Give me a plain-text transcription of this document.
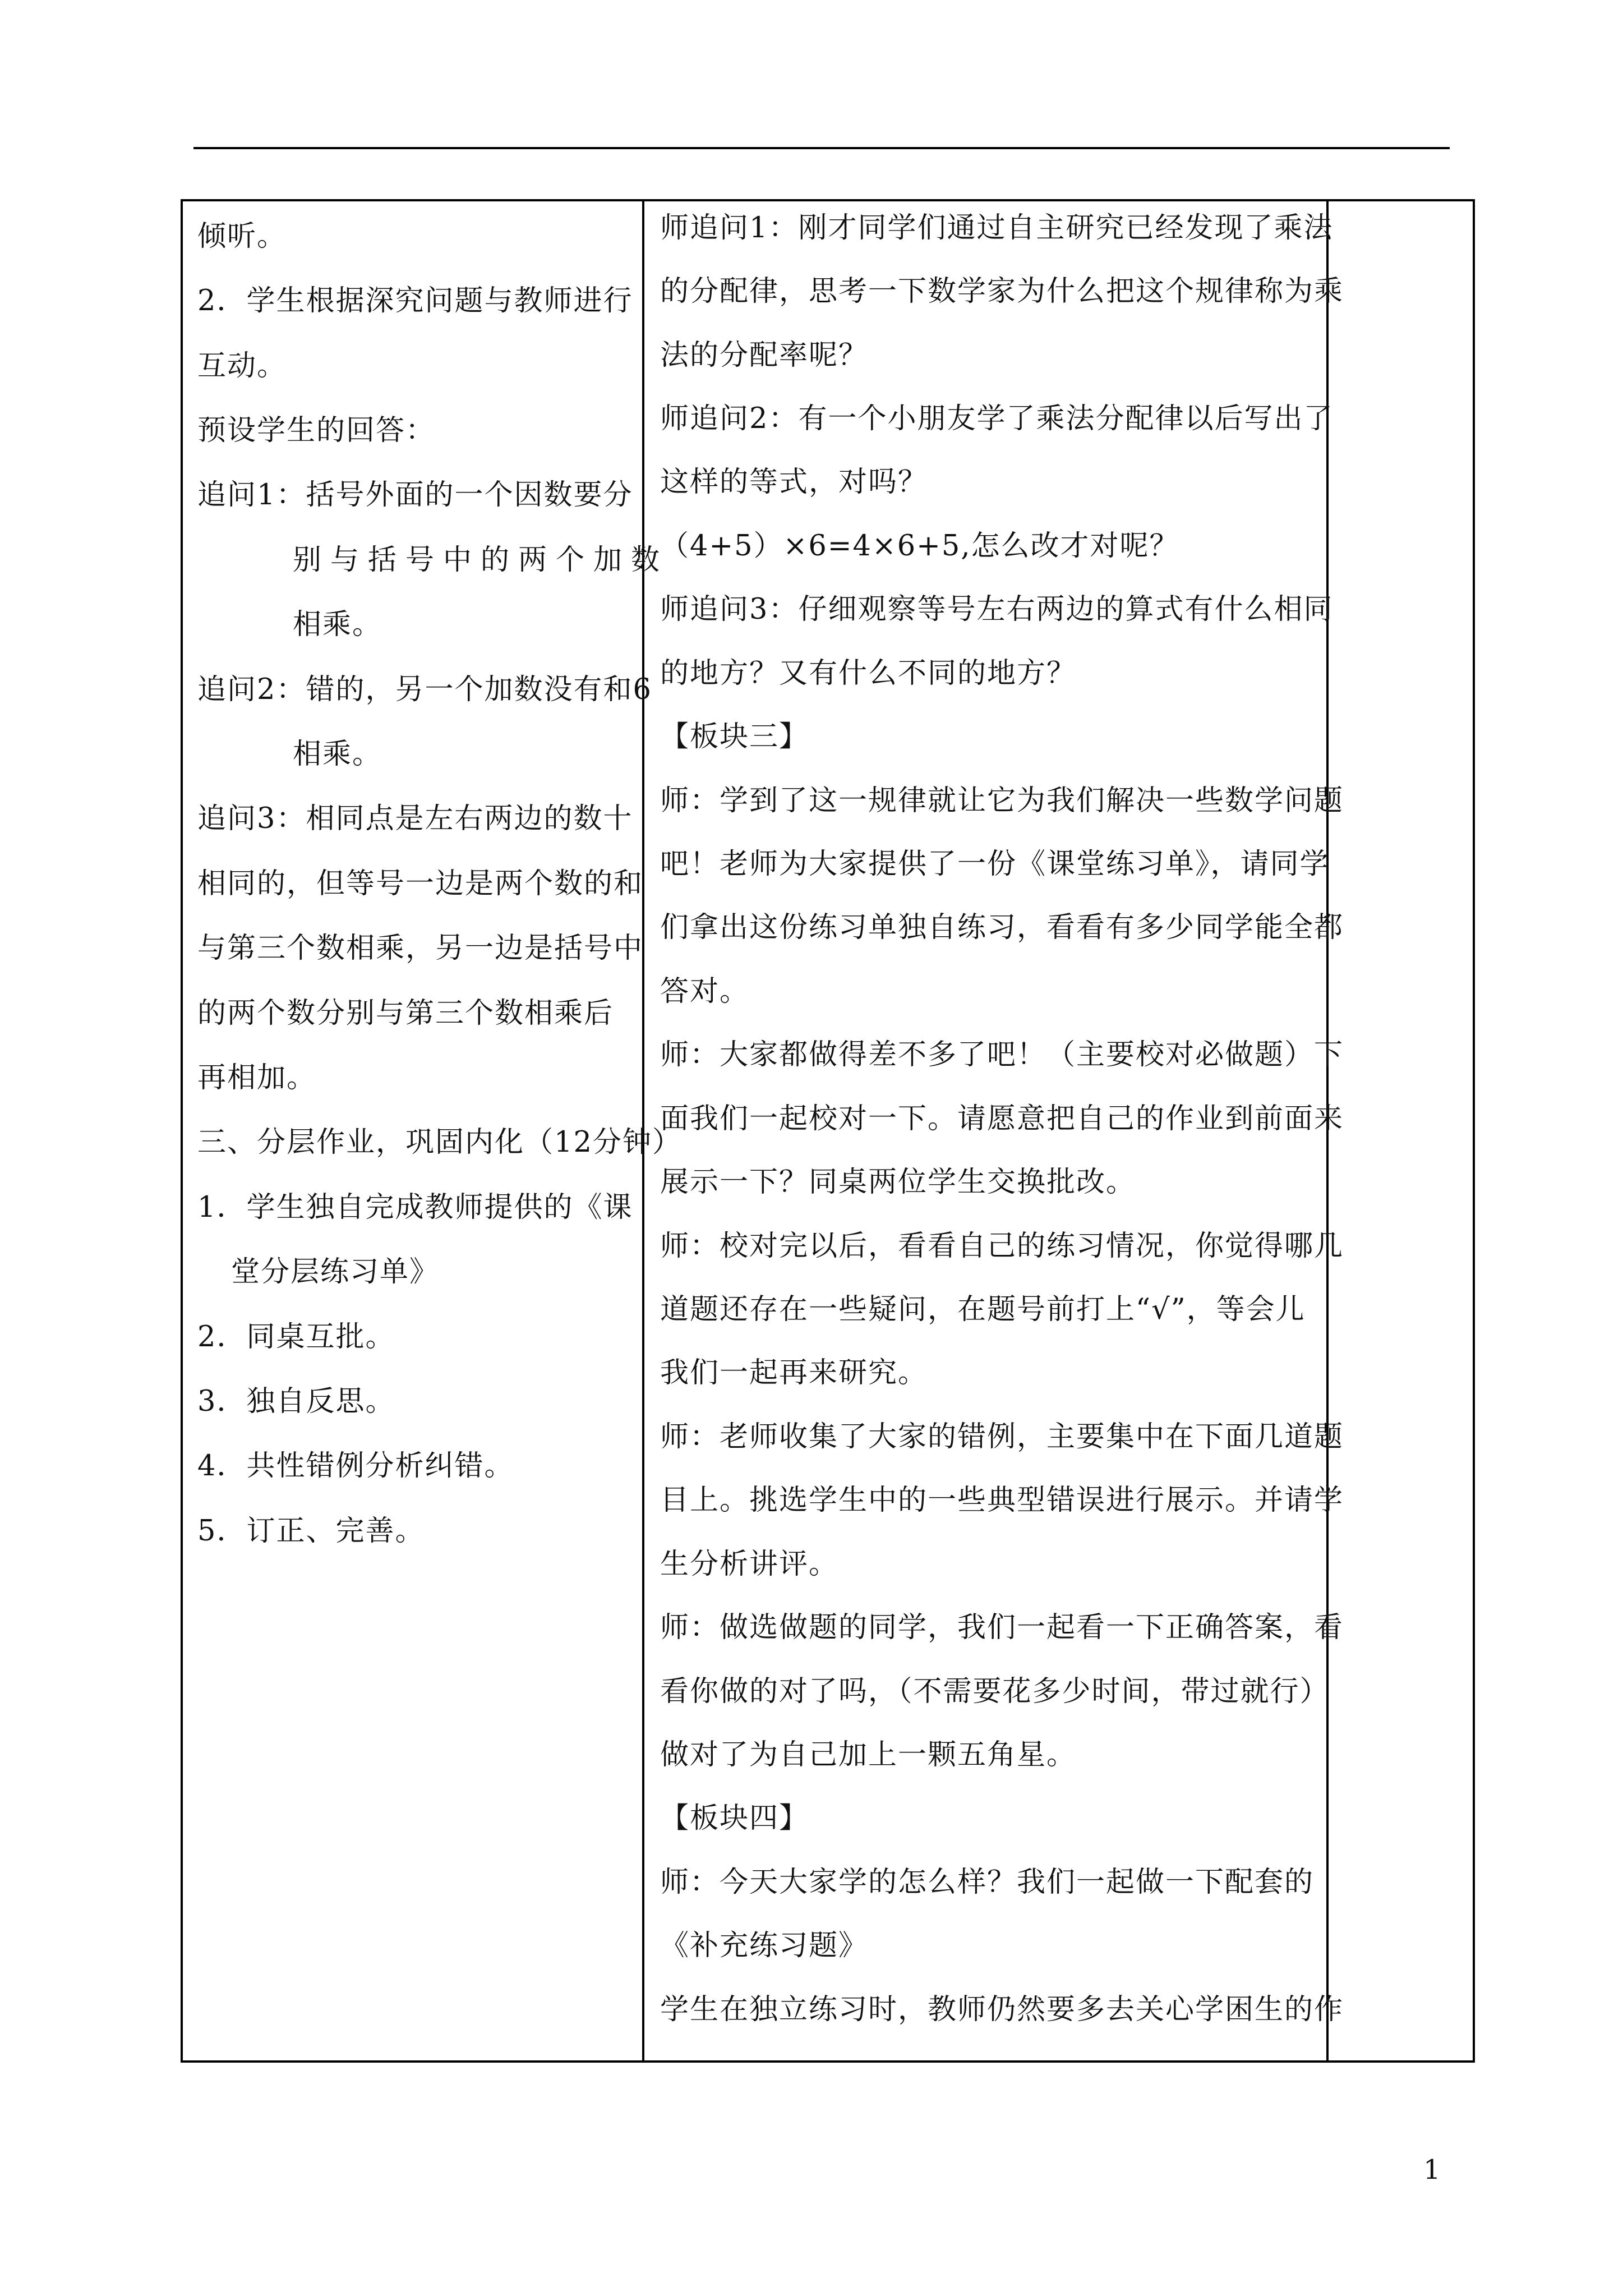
倾听。
2．学生根据深究问题与教师进行
互动。
预设学生的回答：
追问1：括号外面的一个因数要分
别与括号中的两个加数
相乘。
追问2：错的，另一个加数没有和6
相乘。
追问3：相同点是左右两边的数十
相同的，但等号一边是两个数的和
与第三个数相乘，另一边是括号中
的两个数分别与第三个数相乘后
再相加。
三、分层作业，巩固内化（12分钟）
1．学生独自完成教师提供的《课
堂分层练习单》
2．同桌互批。
3．独自反思。
4．共性错例分析纠错。
5．订正、完善。
师追问1：刚才同学们通过自主研究已经发现了乘法
的分配律，思考一下数学家为什么把这个规律称为乘
法的分配率呢？
师追问2：有一个小朋友学了乘法分配律以后写出了
这样的等式，对吗？
（4+5）×6=4×6+5,怎么改才对呢？
师追问3：仔细观察等号左右两边的算式有什么相同
的地方？又有什么不同的地方？
【板块三】
师：学到了这一规律就让它为我们解决一些数学问题
吧！老师为大家提供了一份《课堂练习单》，请同学
们拿出这份练习单独自练习，看看有多少同学能全都
答对。
师：大家都做得差不多了吧！（主要校对必做题）下
面我们一起校对一下。请愿意把自己的作业到前面来
展示一下？同桌两位学生交换批改。
师：校对完以后，看看自己的练习情况，你觉得哪几
道题还存在一些疑问，在题号前打上“√”，等会儿
我们一起再来研究。
师：老师收集了大家的错例，主要集中在下面几道题
目上。挑选学生中的一些典型错误进行展示。并请学
生分析讲评。
师：做选做题的同学，我们一起看一下正确答案，看
看你做的对了吗，（不需要花多少时间，带过就行）
做对了为自己加上一颗五角星。
【板块四】
师：今天大家学的怎么样？我们一起做一下配套的
《补充练习题》
学生在独立练习时，教师仍然要多去关心学困生的作
1
